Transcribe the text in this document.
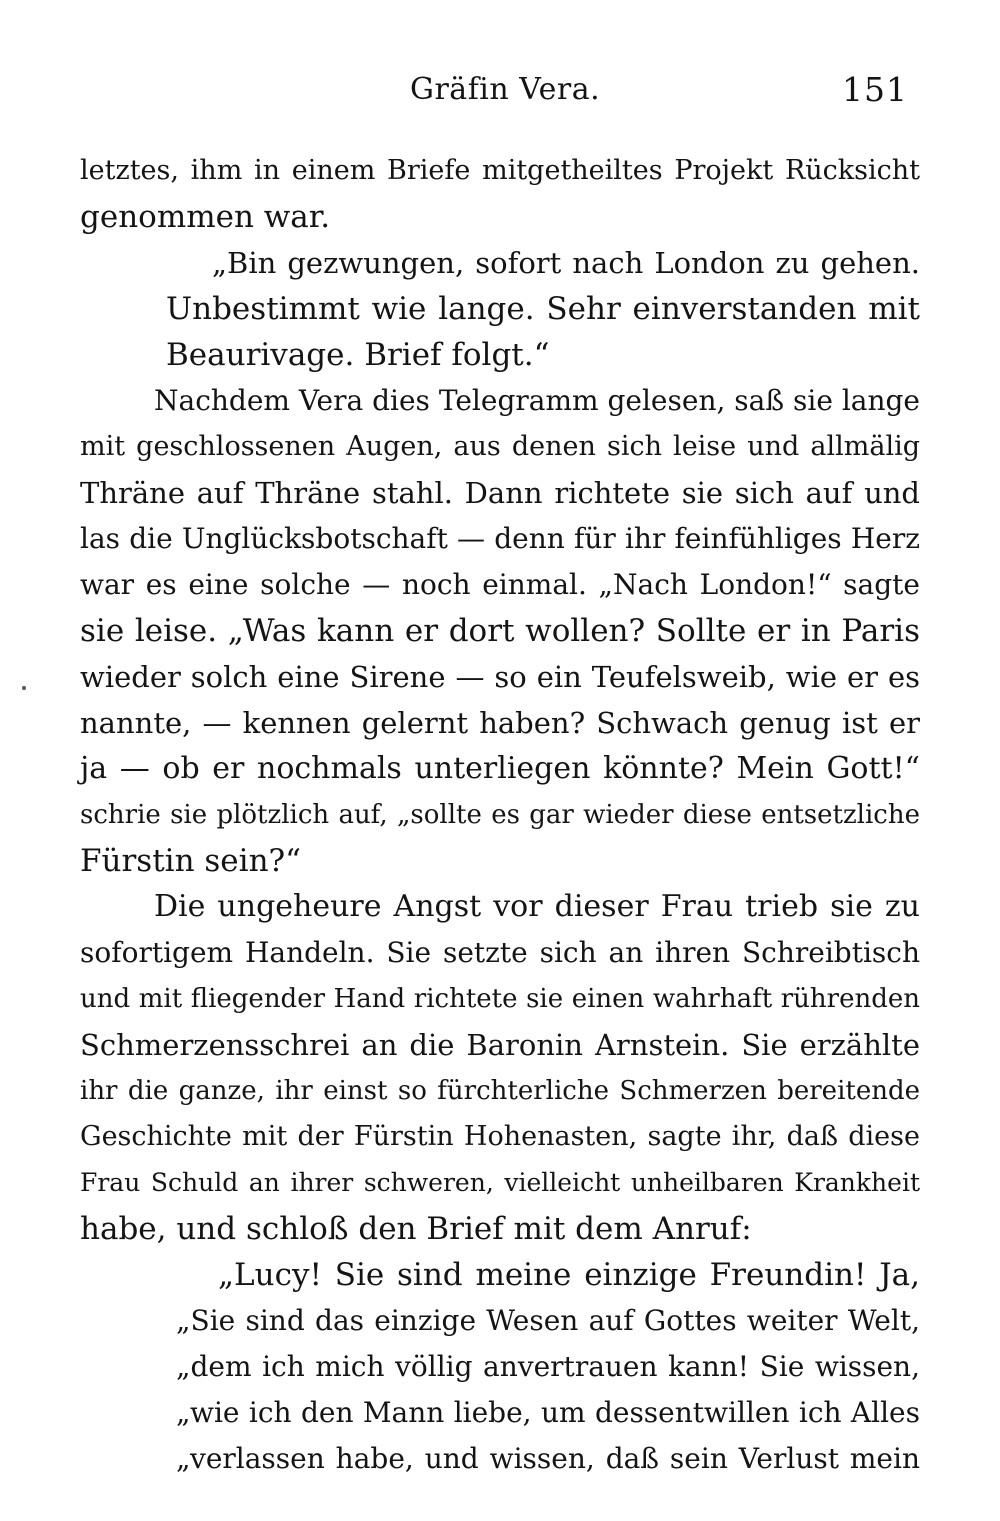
Gräfin Vera.	151
letztes, ihm in einem Briefe mitgetheiltes Projekt Rücksicht
genommen war.
„Bin gezwungen, sofort nach London zu gehen.
Unbestimmt wie lange. Sehr einverstanden mit
Beaurivage. Brief folgt.“
Nachdem Vera dies Telegramm gelesen, saß sie lange
mit geschlossenen Augen, aus denen sich leise und allmälig
Thräne auf Thräne stahl. Dann richtete sie sich auf und
las die Unglücksbotschaft — denn für ihr feinfühliges Herz
war es eine solche — noch einmal. „Nach London!“ sagte
sie leise. „Was kann er dort wollen? Sollte er in Paris
wieder solch eine Sirene — so ein Teufelsweib, wie er es
nannte, — kennen gelernt haben? Schwach genug ist er
ja — ob er nochmals unterliegen könnte? Mein Gott!“
schrie sie plötzlich auf, „sollte es gar wieder diese entsetzliche
Fürstin sein?“
Die ungeheure Angst vor dieser Frau trieb sie zu
sofortigem Handeln. Sie setzte sich an ihren Schreibtisch
und mit fliegender Hand richtete sie einen wahrhaft rührenden
Schmerzensschrei an die Baronin Arnstein. Sie erzählte
ihr die ganze, ihr einst so fürchterliche Schmerzen bereitende
Geschichte mit der Fürstin Hohenasten, sagte ihr, daß diese
Frau Schuld an ihrer schweren, vielleicht unheilbaren Krankheit
habe, und schloß den Brief mit dem Anruf:
„Lucy! Sie sind meine einzige Freundin! Ja,
„Sie sind das einzige Wesen auf Gottes weiter Welt,
„dem ich mich völlig anvertrauen kann! Sie wissen,
„wie ich den Mann liebe, um dessentwillen ich Alles
„verlassen habe, und wissen, daß sein Verlust mein
